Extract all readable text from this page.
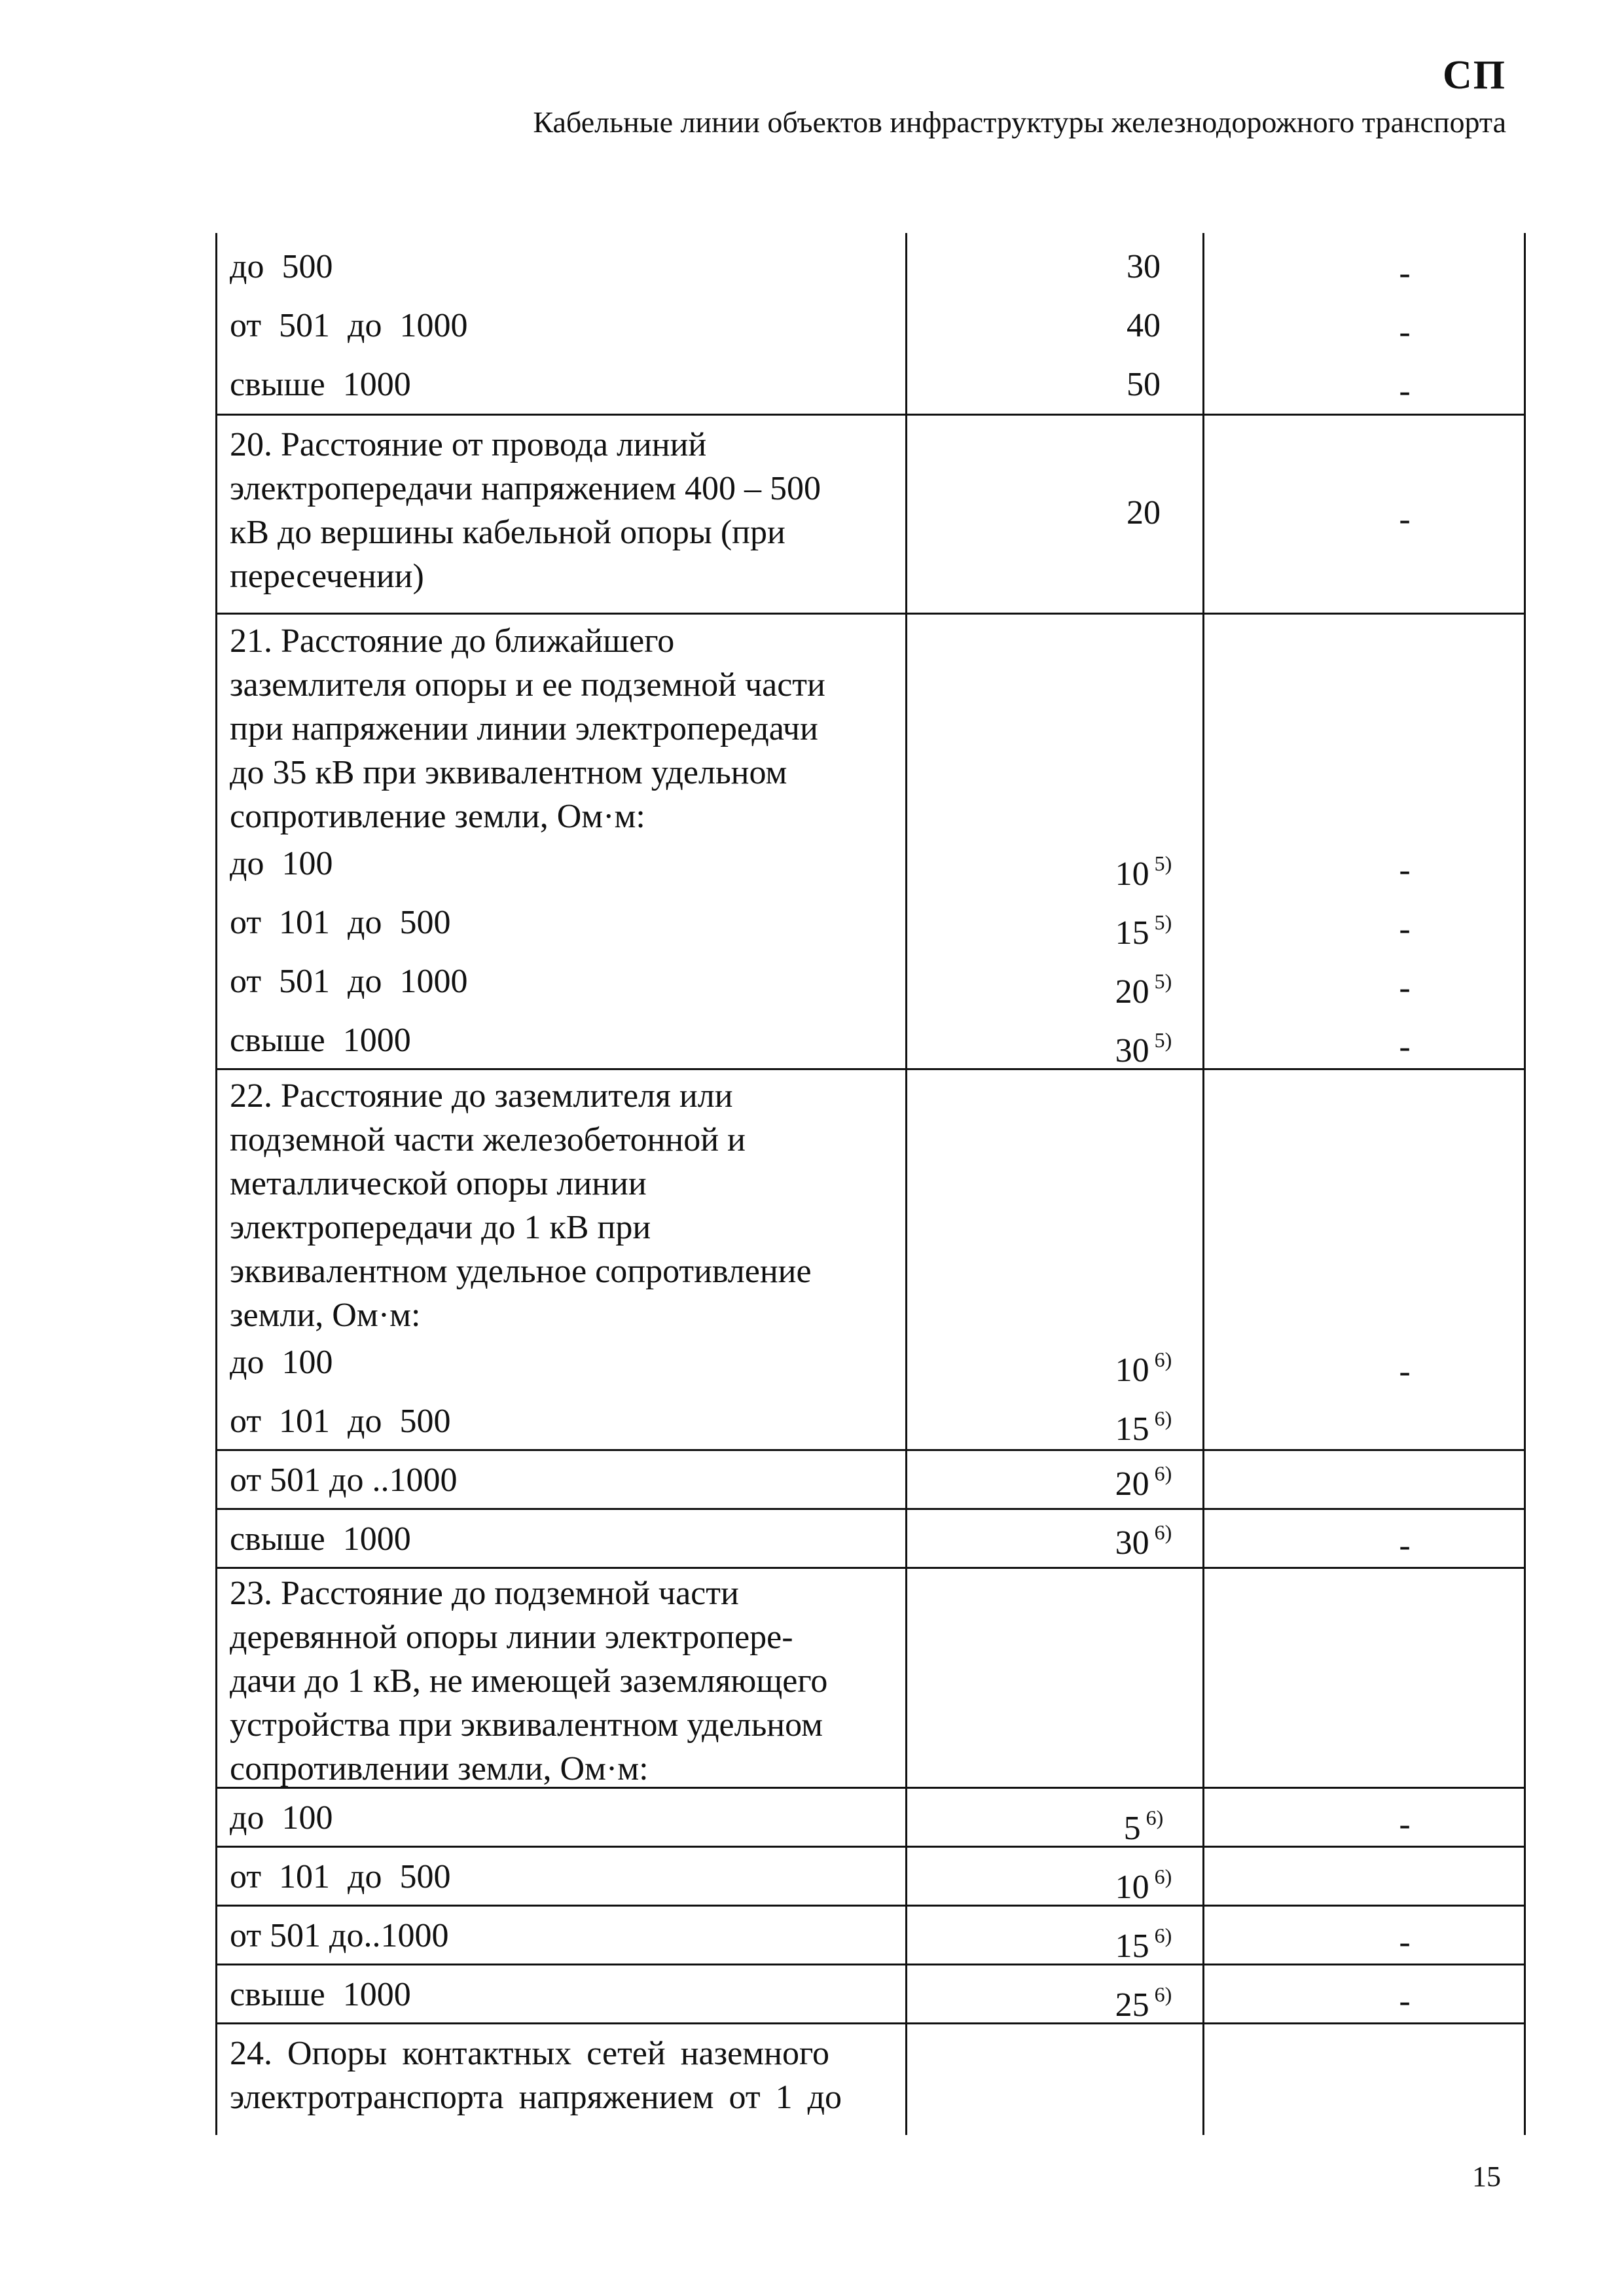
СП
Кабельные линии объектов инфраструктуры железнодорожного транспорта
до 500	30	-
от 501 до 1000	40	-
свыше 1000	50	-
20. Расстояние от провода линий
электропередачи напряжением 400 – 500
кВ до вершины кабельной опоры (при
пересечении)
20	-
21. Расстояние до ближайшего
заземлителя опоры и ее подземной части
при напряжении линии электропередачи
до 35 кВ при эквивалентном удельном
сопротивление земли, Ом·м:
до 100	10 $^{5)}$	-
от 101 до 500	15 $^{5)}$	-
от 501 до 1000	20 $^{5)}$	-
свыше 1000	30 $^{5)}$	-
22. Расстояние до заземлителя или
подземной части железобетонной и
металлической опоры линии
электропередачи до 1 кВ при
эквивалентном удельное сопротивление
земли, Ом·м:
до 100	10 $^{6)}$	-
от 101 до 500	15 $^{6)}$
от 501 до ..1000	20 $^{6)}$
свыше 1000	30 $^{6)}$	-
23. Расстояние до подземной части
деревянной опоры линии электропере-
дачи до 1 кВ, не имеющей заземляющего
устройства при эквивалентном удельном
сопротивлении земли, Ом·м:
до 100	5 $^{6)}$	-
от 101 до 500	10 $^{6)}$
от 501 до..1000	15 $^{6)}$	-
свыше 1000	25 $^{6)}$	-
24. Опоры контактных сетей наземного
электротранспорта напряжением от 1 до
15
